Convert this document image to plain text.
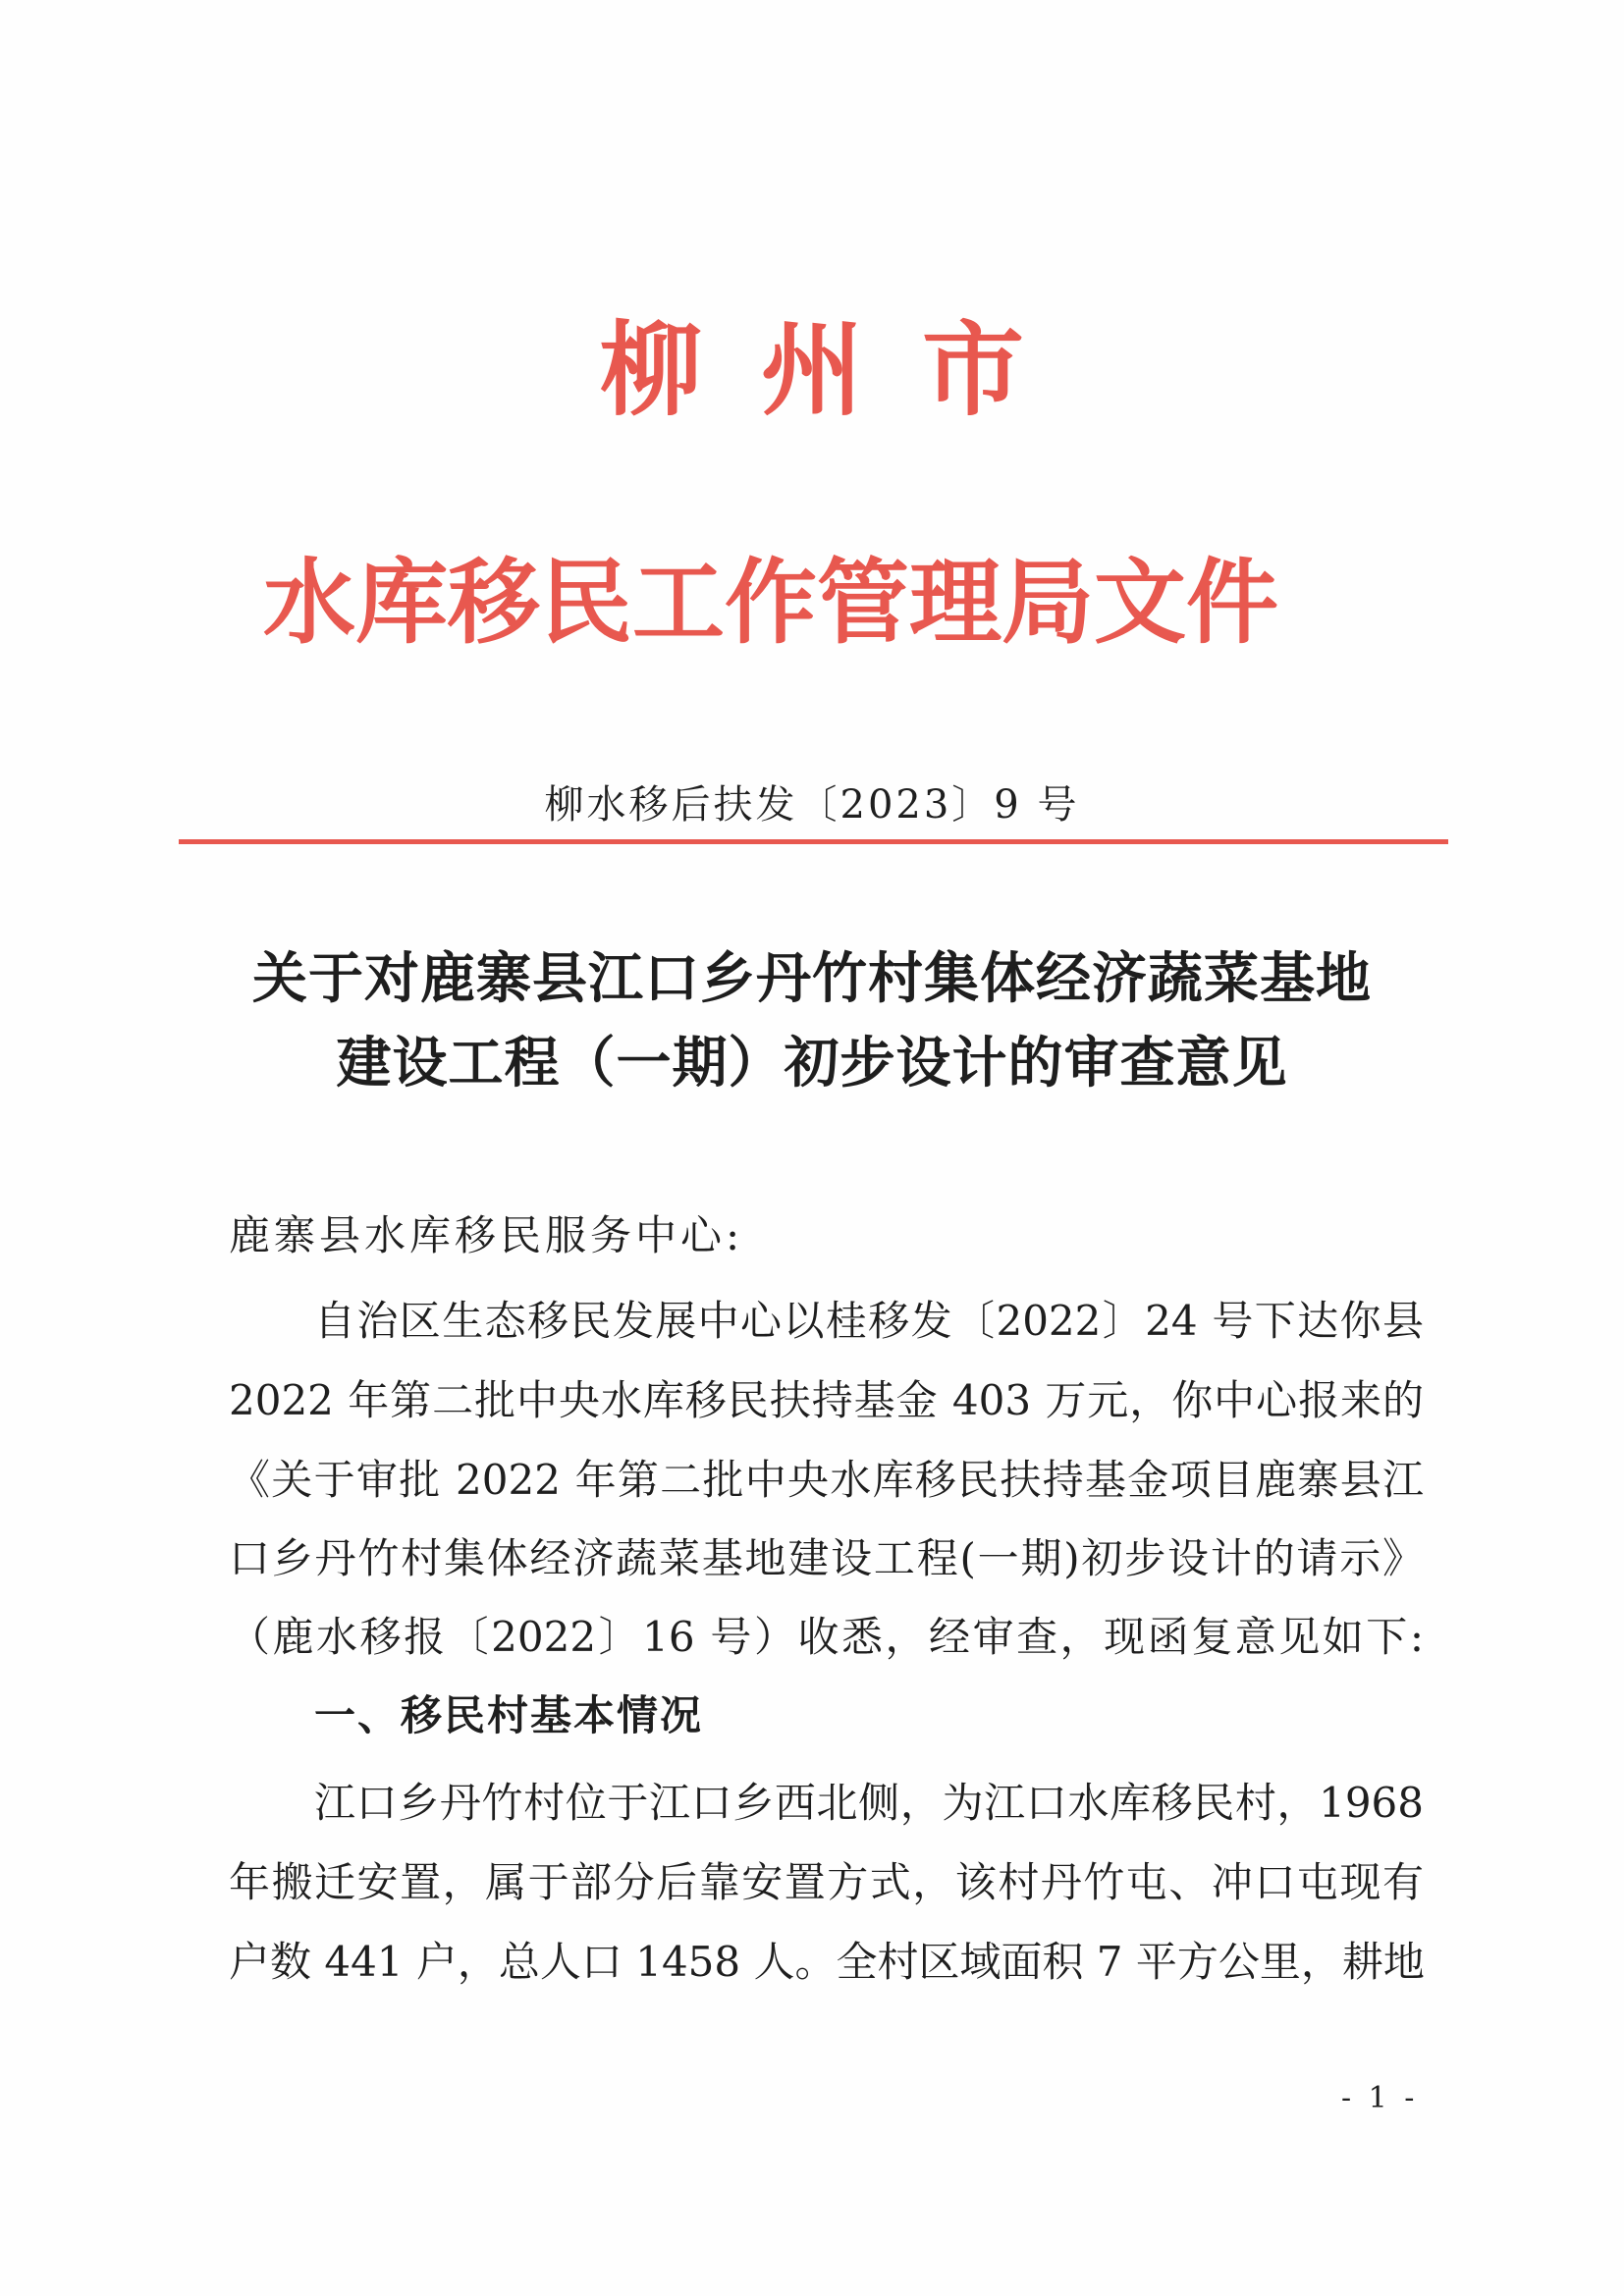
柳州市
水库移民工作管理局文件
柳水移后扶发〔2023〕9 号
关于对鹿寨县江口乡丹竹村集体经济蔬菜基地
建设工程（一期）初步设计的审查意见
鹿寨县水库移民服务中心:
自治区生态移民发展中心以桂移发〔2022〕24 号下达你县
2022 年第二批中央水库移民扶持基金 403 万元，你中心报来的
《关于审批 2022 年第二批中央水库移民扶持基金项目鹿寨县江
口乡丹竹村集体经济蔬菜基地建设工程(一期)初步设计的请示》
（鹿水移报〔2022〕16 号）收悉，经审查，现函复意见如下:
一、移民村基本情况
江口乡丹竹村位于江口乡西北侧，为江口水库移民村，1968
年搬迁安置，属于部分后靠安置方式，该村丹竹屯、冲口屯现有
户数 441 户，总人口 1458 人。全村区域面积 7 平方公里，耕地
- 1 -
